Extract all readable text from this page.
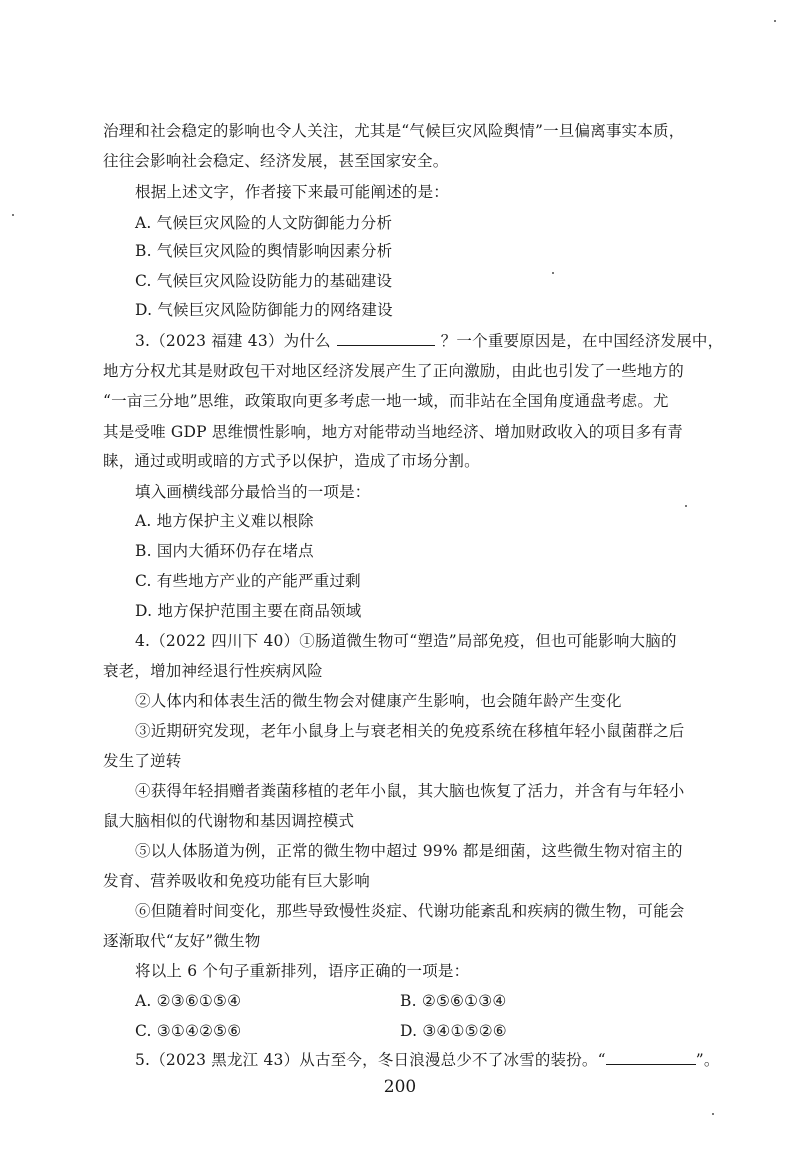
治理和社会稳定的影响也令人关注，尤其是“气候巨灾风险舆情”一旦偏离事实本质，
往往会影响社会稳定、经济发展，甚至国家安全。
根据上述文字，作者接下来最可能阐述的是：
A. 气候巨灾风险的人文防御能力分析
B. 气候巨灾风险的舆情影响因素分析
C. 气候巨灾风险设防能力的基础建设
D. 气候巨灾风险防御能力的网络建设
3.（2023 福建 43）为什么	？一个重要原因是，在中国经济发展中，
地方分权尤其是财政包干对地区经济发展产生了正向激励，由此也引发了一些地方的
“一亩三分地”思维，政策取向更多考虑一地一域，而非站在全国角度通盘考虑。尤
其是受唯 GDP 思维惯性影响，地方对能带动当地经济、增加财政收入的项目多有青
睐，通过或明或暗的方式予以保护，造成了市场分割。
填入画横线部分最恰当的一项是：
A. 地方保护主义难以根除
B. 国内大循环仍存在堵点
C. 有些地方产业的产能严重过剩
D. 地方保护范围主要在商品领域
4.（2022 四川下 40）①肠道微生物可“塑造”局部免疫，但也可能影响大脑的
衰老，增加神经退行性疾病风险
②人体内和体表生活的微生物会对健康产生影响，也会随年龄产生变化
③近期研究发现，老年小鼠身上与衰老相关的免疫系统在移植年轻小鼠菌群之后
发生了逆转
④获得年轻捐赠者粪菌移植的老年小鼠，其大脑也恢复了活力，并含有与年轻小
鼠大脑相似的代谢物和基因调控模式
⑤以人体肠道为例，正常的微生物中超过 99% 都是细菌，这些微生物对宿主的
发育、营养吸收和免疫功能有巨大影响
⑥但随着时间变化，那些导致慢性炎症、代谢功能紊乱和疾病的微生物，可能会
逐渐取代“友好”微生物
将以上 6 个句子重新排列，语序正确的一项是：
A. ②③⑥①⑤④	B. ②⑤⑥①③④
C. ③①④②⑤⑥	D. ③④①⑤②⑥
5.（2023 黑龙江 43）从古至今，冬日浪漫总少不了冰雪的装扮。“	”。
200
